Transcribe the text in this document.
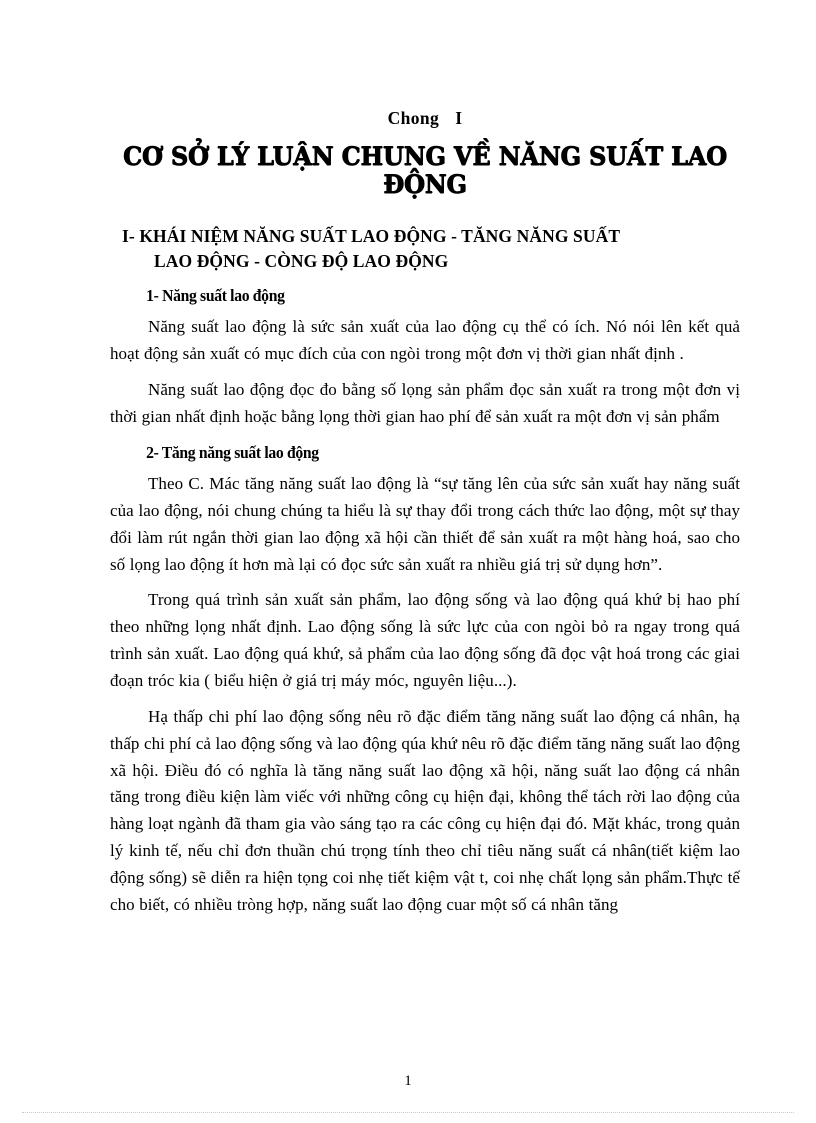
Chong I
CƠ SỞ LÝ LUẬN CHUNG VỀ NĂNG SUẤT LAO ĐỘNG
I- KHÁI NIỆM NĂNG SUẤT LAO ĐỘNG - TĂNG NĂNG SUẤT
LAO ĐỘNG - CÒNG ĐỘ LAO ĐỘNG
1- Năng suất lao động

Năng suất lao động là sức sản xuất của lao động cụ thể có ích. Nó nói lên kết quả hoạt động sản xuất có mục đích của con ngòi trong một đơn vị thời gian nhất định .

Năng suất lao động đọc đo bằng số lọng sản phẩm đọc sản xuất ra trong một đơn vị thời gian nhất định hoặc bằng lọng thời gian hao phí để sản xuất ra một đơn vị sản phẩm

2- Tăng năng suất lao động

Theo C. Mác tăng năng suất lao động là “sự tăng lên của sức sản xuất hay năng suất của lao động, nói chung chúng ta hiểu là sự thay đổi trong cách thức lao động, một sự thay đổi làm rút ngắn thời gian lao động xã hội cần thiết để sản xuất ra một hàng hoá, sao cho số lọng lao động ít hơn mà lại có đọc sức sản xuất ra nhiều giá trị sử dụng hơn”.

Trong quá trình sản xuất sản phẩm, lao động sống và lao động quá khứ bị hao phí theo những lọng nhất định. Lao động sống là sức lực của con ngòi bỏ ra ngay trong quá trình sản xuất. Lao động quá khứ, sả phẩm của lao động sống đã đọc vật hoá trong các giai đoạn tróc kia ( biểu hiện ở giá trị máy móc, nguyên liệu...).

Hạ thấp chi phí lao động sống nêu rõ đặc điểm tăng năng suất lao động cá nhân, hạ thấp chi phí cả lao động sống và lao động qúa khứ nêu rõ đặc điểm tăng năng suất lao động xã hội. Điều đó có nghĩa là tăng năng suất lao động xã hội, năng suất lao động cá nhân tăng trong điều kiện làm viếc với những công cụ hiện đại, không thể tách rời lao động của hàng loạt ngành đã tham gia vào sáng tạo ra các công cụ hiện đại đó. Mặt khác, trong quản lý kinh tế, nếu chỉ đơn thuần chú trọng tính theo chỉ tiêu năng suất cá nhân(tiết kiệm lao động sống) sẽ diễn ra hiện tọng coi nhẹ tiết kiệm vật t, coi nhẹ chất lọng sản phẩm.Thực tế cho biết, có nhiều tròng hợp, năng suất lao động cuar một số cá nhân tăng

1
